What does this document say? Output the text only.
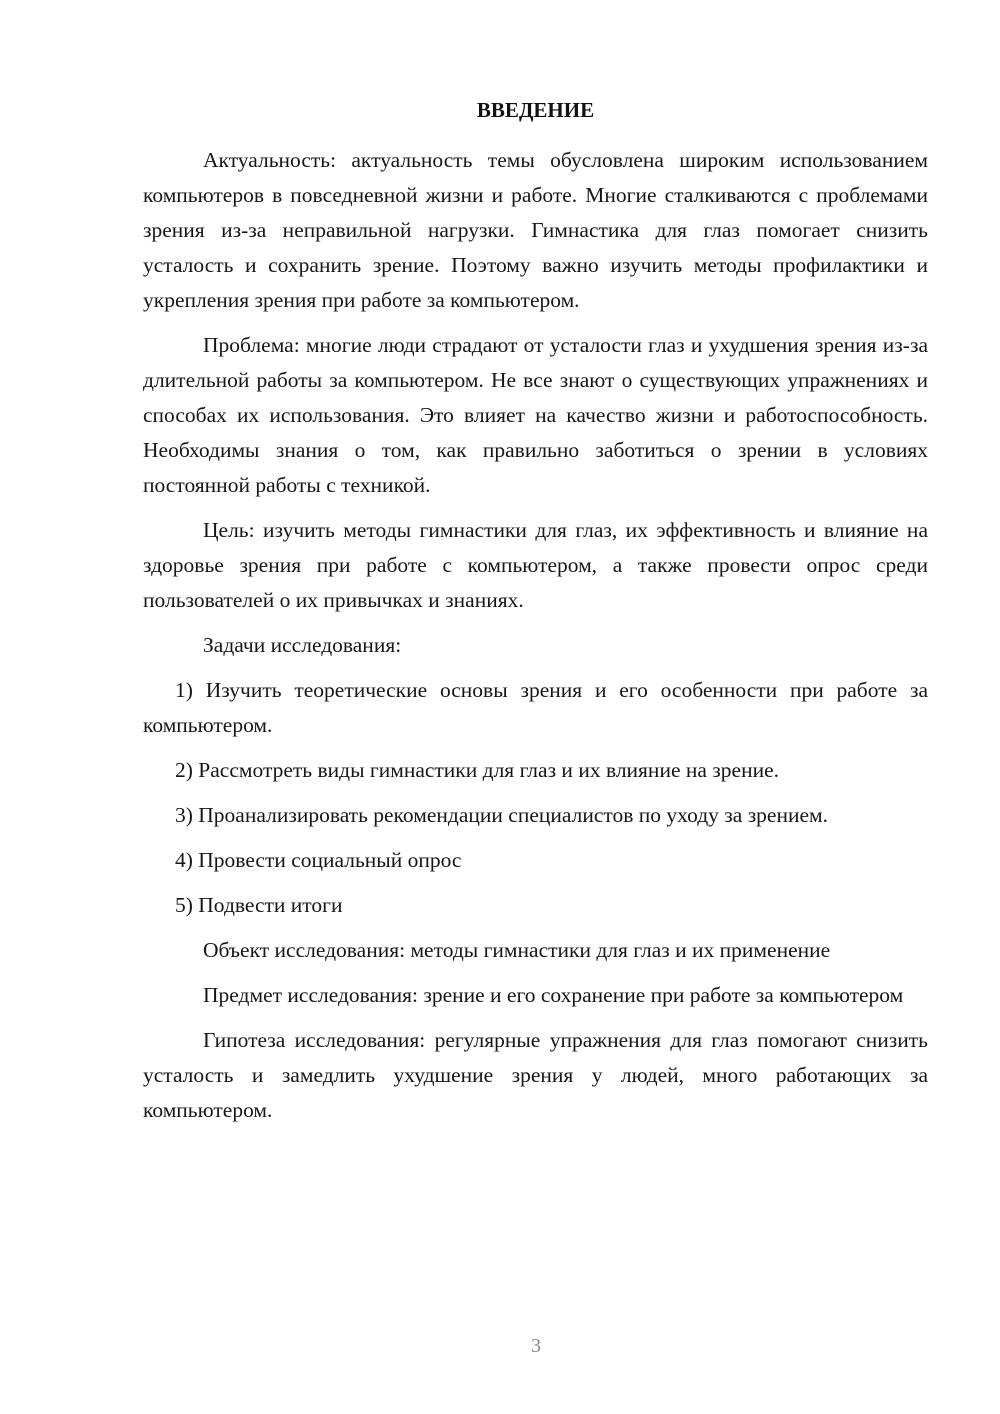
ВВЕДЕНИЕ

Актуальность: актуальность темы обусловлена широким использованием компьютеров в повседневной жизни и работе. Многие сталкиваются с проблемами зрения из-за неправильной нагрузки. Гимнастика для глаз помогает снизить усталость и сохранить зрение. Поэтому важно изучить методы профилактики и укрепления зрения при работе за компьютером.

Проблема: многие люди страдают от усталости глаз и ухудшения зрения из-за длительной работы за компьютером. Не все знают о существующих упражнениях и способах их использования. Это влияет на качество жизни и работоспособность. Необходимы знания о том, как правильно заботиться о зрении в условиях постоянной работы с техникой.

Цель: изучить методы гимнастики для глаз, их эффективность и влияние на здоровье зрения при работе с компьютером, а также провести опрос среди пользователей о их привычках и знаниях.

Задачи исследования:

1) Изучить теоретические основы зрения и его особенности при работе за компьютером.

2) Рассмотреть виды гимнастики для глаз и их влияние на зрение.

3) Проанализировать рекомендации специалистов по уходу за зрением.

4) Провести социальный опрос

5) Подвести итоги

Объект исследования: методы гимнастики для глаз и их применение

Предмет исследования: зрение и его сохранение при работе за компьютером

Гипотеза исследования: регулярные упражнения для глаз помогают снизить усталость и замедлить ухудшение зрения у людей, много работающих за компьютером.

3
